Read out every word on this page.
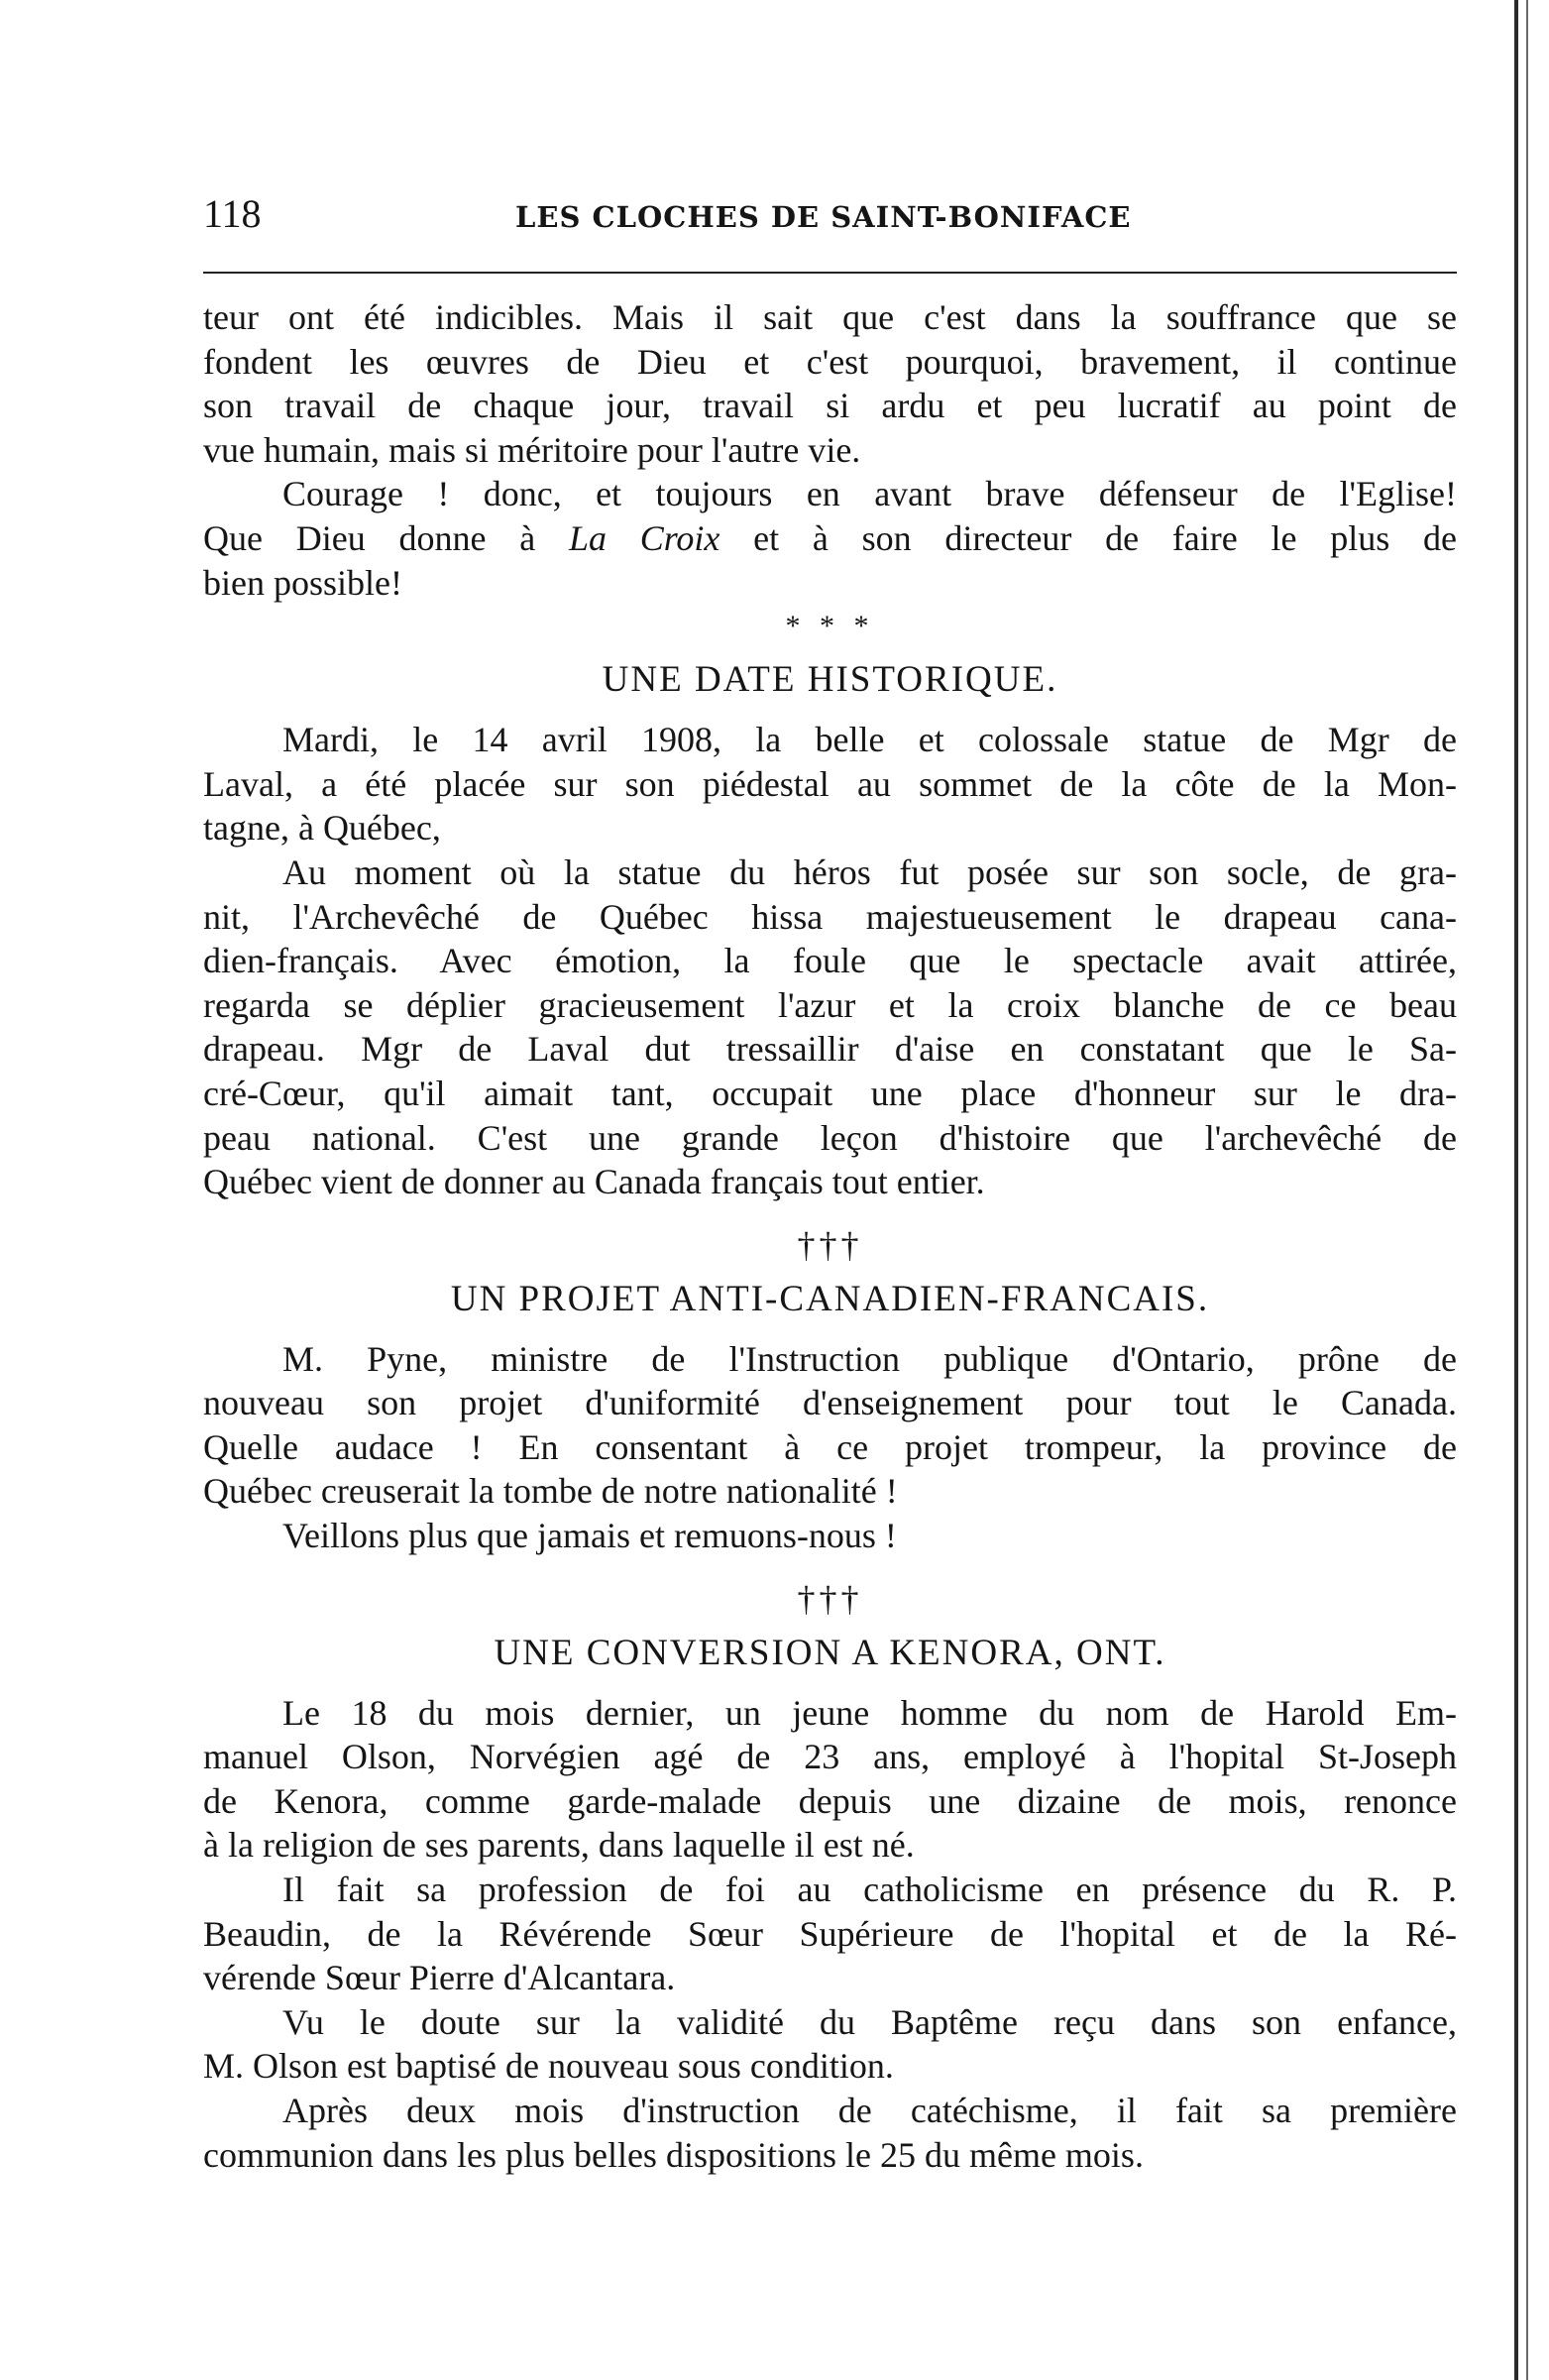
118	LES CLOCHES DE SAINT-BONIFACE
teur ont été indicibles. Mais il sait que c'est dans la souffrance que se
fondent les œuvres de Dieu et c'est pourquoi, bravement, il continue
son travail de chaque jour, travail si ardu et peu lucratif au point de
vue humain, mais si méritoire pour l'autre vie.
Courage ! donc, et toujours en avant brave défenseur de l'Eglise!
Que Dieu donne à La Croix et à son directeur de faire le plus de
bien possible!
* * *
UNE DATE HISTORIQUE.
Mardi, le 14 avril 1908, la belle et colossale statue de Mgr de
Laval, a été placée sur son piédestal au sommet de la côte de la Mon-
tagne, à Québec,
Au moment où la statue du héros fut posée sur son socle, de gra-
nit, l'Archevêché de Québec hissa majestueusement le drapeau cana-
dien-français. Avec émotion, la foule que le spectacle avait attirée,
regarda se déplier gracieusement l'azur et la croix blanche de ce beau
drapeau. Mgr de Laval dut tressaillir d'aise en constatant que le Sa-
cré-Cœur, qu'il aimait tant, occupait une place d'honneur sur le dra-
peau national. C'est une grande leçon d'histoire que l'archevêché de
Québec vient de donner au Canada français tout entier.
†††
UN PROJET ANTI-CANADIEN-FRANCAIS.
M. Pyne, ministre de l'Instruction publique d'Ontario, prône de
nouveau son projet d'uniformité d'enseignement pour tout le Canada.
Quelle audace ! En consentant à ce projet trompeur, la province de
Québec creuserait la tombe de notre nationalité !
Veillons plus que jamais et remuons-nous !
†††
UNE CONVERSION A KENORA, ONT.
Le 18 du mois dernier, un jeune homme du nom de Harold Em-
manuel Olson, Norvégien agé de 23 ans, employé à l'hopital St-Joseph
de Kenora, comme garde-malade depuis une dizaine de mois, renonce
à la religion de ses parents, dans laquelle il est né.
Il fait sa profession de foi au catholicisme en présence du R. P.
Beaudin, de la Révérende Sœur Supérieure de l'hopital et de la Ré-
vérende Sœur Pierre d'Alcantara.
Vu le doute sur la validité du Baptême reçu dans son enfance,
M. Olson est baptisé de nouveau sous condition.
Après deux mois d'instruction de catéchisme, il fait sa première
communion dans les plus belles dispositions le 25 du même mois.
